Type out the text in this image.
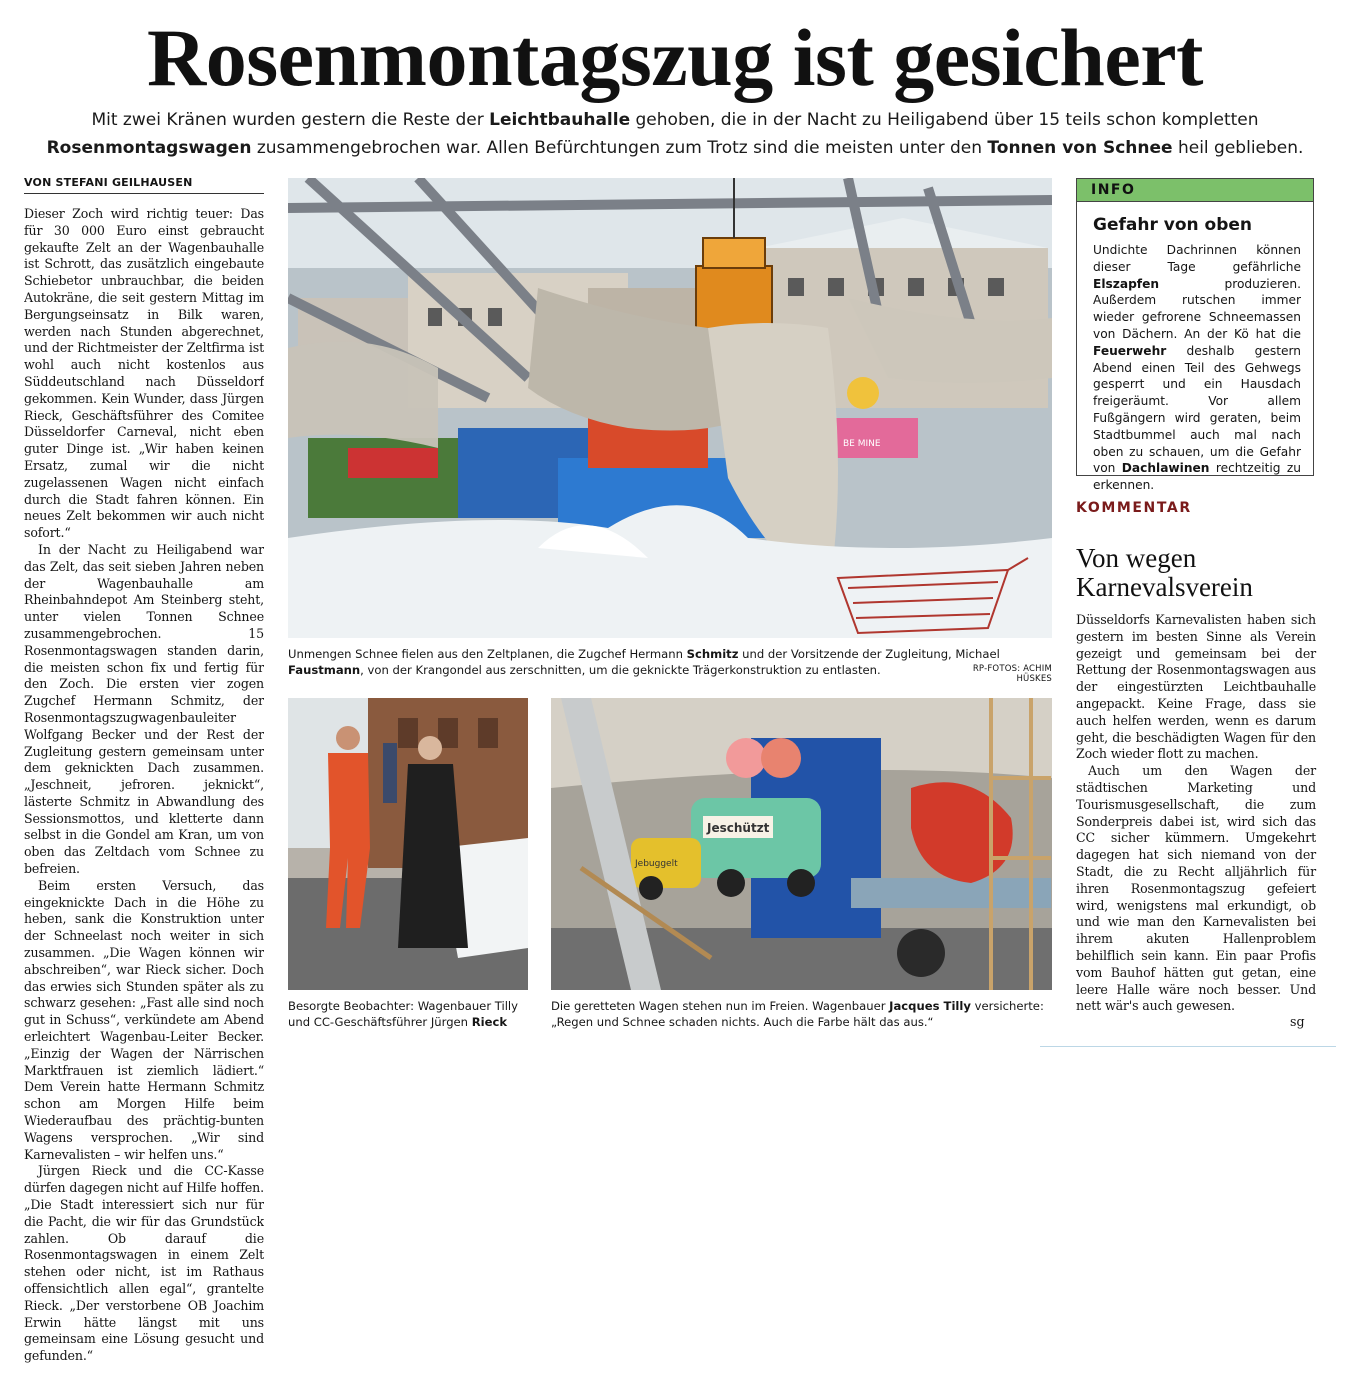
Rosenmontagszug ist gesichert
Mit zwei Kränen wurden gestern die Reste der Leichtbauhalle gehoben, die in der Nacht zu Heiligabend über 15 teils schon kompletten Rosenmontagswagen zusammengebrochen war. Allen Befürchtungen zum Trotz sind die meisten unter den Tonnen von Schnee heil geblieben.
VON STEFANI GEILHAUSEN

Dieser Zoch wird richtig teuer: Das für 30 000 Euro einst gebraucht gekaufte Zelt an der Wagenbauhalle ist Schrott, das zusätzlich eingebaute Schiebetor unbrauchbar, die beiden Autokräne, die seit gestern Mittag im Bergungseinsatz in Bilk waren, werden nach Stunden abgerechnet, und der Richtmeister der Zeltfirma ist wohl auch nicht kostenlos aus Süddeutschland nach Düsseldorf gekommen. Kein Wunder, dass Jürgen Rieck, Geschäftsführer des Comitee Düsseldorfer Carneval, nicht eben guter Dinge ist. „Wir haben keinen Ersatz, zumal wir die nicht zugelassenen Wagen nicht einfach durch die Stadt fahren können. Ein neues Zelt bekommen wir auch nicht sofort.“

In der Nacht zu Heiligabend war das Zelt, das seit sieben Jahren neben der Wagenbauhalle am Rheinbahndepot Am Steinberg steht, unter vielen Tonnen Schnee zusammengebrochen. 15 Rosenmontagswagen standen darin, die meisten schon fix und fertig für den Zoch. Die ersten vier zogen Zugchef Hermann Schmitz, der Rosenmontagszugwagenbauleiter Wolfgang Becker und der Rest der Zugleitung gestern gemeinsam unter dem geknickten Dach zusammen. „Jeschneit, jefroren. jeknickt“, lästerte Schmitz in Abwandlung des Sessionsmottos, und kletterte dann selbst in die Gondel am Kran, um von oben das Zeltdach vom Schnee zu befreien.

Beim ersten Versuch, das eingeknickte Dach in die Höhe zu heben, sank die Konstruktion unter der Schneelast noch weiter in sich zusammen. „Die Wagen können wir abschreiben“, war Rieck sicher. Doch das erwies sich Stunden später als zu schwarz gesehen: „Fast alle sind noch gut in Schuss“, verkündete am Abend erleichtert Wagenbau-Leiter Becker. „Einzig der Wagen der Närrischen Marktfrauen ist ziemlich lädiert.“ Dem Verein hatte Hermann Schmitz schon am Morgen Hilfe beim Wiederaufbau des prächtig-bunten Wagens versprochen. „Wir sind Karnevalisten – wir helfen uns.“

Jürgen Rieck und die CC-Kasse dürfen dagegen nicht auf Hilfe hoffen. „Die Stadt interessiert sich nur für die Pacht, die wir für das Grundstück zahlen. Ob darauf die Rosenmontagswagen in einem Zelt stehen oder nicht, ist im Rathaus offensichtlich allen egal“, grantelte Rieck. „Der verstorbene OB Joachim Erwin hätte längst mit uns gemeinsam eine Lösung gesucht und gefunden.“

BE MINE
Unmengen Schnee fielen aus den Zeltplanen, die Zugchef Hermann Schmitz und der Vorsitzende der Zugleitung, Michael Faustmann, von der Krangondel aus zerschnitten, um die geknickte Trägerkonstruktion zu entlasten.	RP-FOTOS: ACHIM HÜSKES
Besorgte Beobachter: Wagenbauer Tilly und CC-Geschäftsführer Jürgen Rieck
Jeschützt
Jebuggelt
Die geretteten Wagen stehen nun im Freien. Wagenbauer Jacques Tilly versicherte: „Regen und Schnee schaden nichts. Auch die Farbe hält das aus.“
INFO
Gefahr von oben
Undichte Dachrinnen können dieser Tage gefährliche Elszapfen produzieren. Außerdem rutschen immer wieder gefrorene Schneemassen von Dächern. An der Kö hat die Feuerwehr deshalb gestern Abend einen Teil des Gehwegs gesperrt und ein Hausdach freigeräumt. Vor allem Fußgängern wird geraten, beim Stadtbummel auch mal nach oben zu schauen, um die Gefahr von Dachlawinen rechtzeitig zu erkennen.
KOMMENTAR
Von wegen Karnevalsverein

Düsseldorfs Karnevalisten haben sich gestern im besten Sinne als Verein gezeigt und gemeinsam bei der Rettung der Rosenmontagswagen aus der eingestürzten Leichtbauhalle angepackt. Keine Frage, dass sie auch helfen werden, wenn es darum geht, die beschädigten Wagen für den Zoch wieder flott zu machen.

Auch um den Wagen der städtischen Marketing und Tourismusgesellschaft, die zum Sonderpreis dabei ist, wird sich das CC sicher kümmern. Umgekehrt dagegen hat sich niemand von der Stadt, die zu Recht alljährlich für ihren Rosenmontagszug gefeiert wird, wenigstens mal erkundigt, ob und wie man den Karnevalisten bei ihrem akuten Hallenproblem behilflich sein kann. Ein paar Profis vom Bauhof hätten gut getan, eine leere Halle wäre noch besser. Und nett wär's auch gewesen.

sg
